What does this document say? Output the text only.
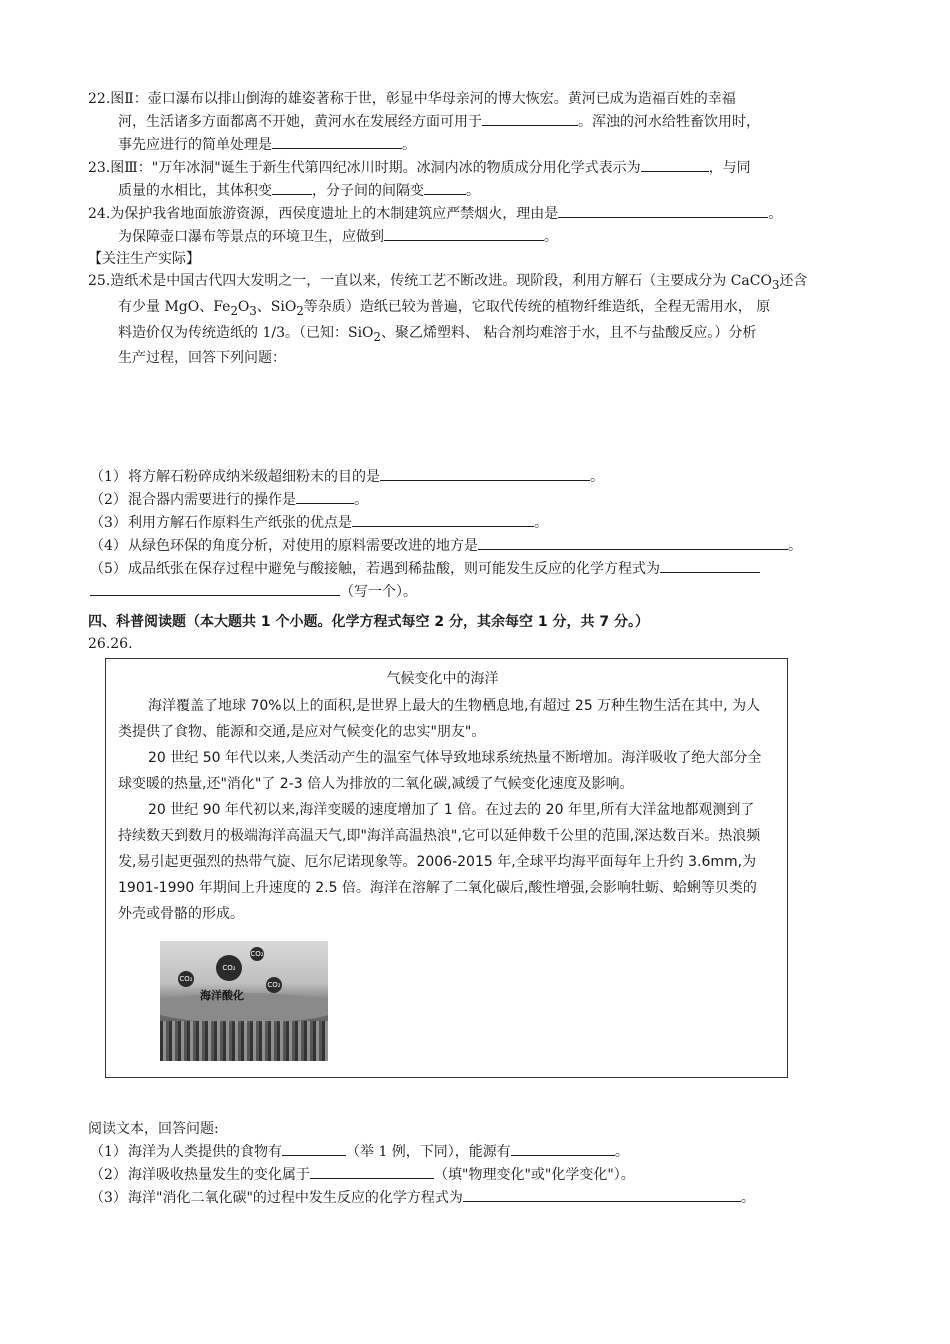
22.图Ⅱ：壶口瀑布以排山倒海的雄姿著称于世，彰显中华母亲河的博大恢宏。黄河已成为造福百姓的幸福
河，生活诸多方面都离不开她，黄河水在发展经方面可用于	。浑浊的河水给牲畜饮用时，
事先应进行的简单处理是	。
23.图Ⅲ："万年冰洞"诞生于新生代第四纪冰川时期。冰洞内冰的物质成分用化学式表示为	，与同
质量的水相比，其体积变	，分子间的间隔变	。
24.为保护我省地面旅游资源，西侯度遗址上的木制建筑应严禁烟火，理由是	。
为保障壶口瀑布等景点的环境卫生，应做到	。
【关注生产实际】
25.造纸术是中国古代四大发明之一，一直以来，传统工艺不断改进。现阶段，利用方解石（主要成分为 CaCO$_3$还含
有少量 MgO、$Fe_2O_3$、SiO$_2$等杂质）造纸已较为普遍，它取代传统的植物纤维造纸，全程无需用水， 原
料造价仅为传统造纸的 1/3。（已知：SiO$_2$、聚乙烯塑料、 粘合剂均难溶于水，且不与盐酸反应。）分析
生产过程，回答下列问题：
（1）将方解石粉碎成纳米级超细粉末的目的是	。
（2）混合器内需要进行的操作是	。
（3）利用方解石作原料生产纸张的优点是	。
（4）从绿色环保的角度分析，对使用的原料需要改进的地方是	。
（5）成品纸张在保存过程中避免与酸接触，若遇到稀盐酸，则可能发生反应的化学方程式为
（写一个）。
四、科普阅读题（本大题共 1 个小题。化学方程式每空 2 分，其余每空 1 分，共 7 分。）
26.26.
气候变化中的海洋

海洋覆盖了地球 70%以上的面积,是世界上最大的生物栖息地,有超过 25 万种生物生活在其中, 为人类提供了食物、能源和交通,是应对气候变化的忠实"朋友"。

20 世纪 50 年代以来,人类活动产生的温室气体导致地球系统热量不断增加。海洋吸收了绝大部分全球变暖的热量,还"消化"了 2-3 倍人为排放的二氧化碳,减缓了气候变化速度及影响。

20 世纪 90 年代初以来,海洋变暖的速度增加了 1 倍。在过去的 20 年里,所有大洋盆地都观测到了持续数天到数月的极端海洋高温天气,即"海洋高温热浪",它可以延伸数千公里的范围,深达数百米。热浪频发,易引起更强烈的热带气旋、厄尔尼诺现象等。2006-2015 年,全球平均海平面每年上升约 3.6mm,为 1901-1990 年期间上升速度的 2.5 倍。海洋在溶解了二氧化碳后,酸性增强,会影响牡蛎、蛤蜊等贝类的外壳或骨骼的形成。

CO₂
CO₂
CO₂
CO₂
海洋酸化
阅读文本，回答问题:
（1）海洋为人类提供的食物有	（举 1 例，下同），能源有	。
（2）海洋吸收热量发生的变化属于	（填"物理变化"或"化学变化"）。
（3）海洋"消化二氧化碳"的过程中发生反应的化学方程式为	。
